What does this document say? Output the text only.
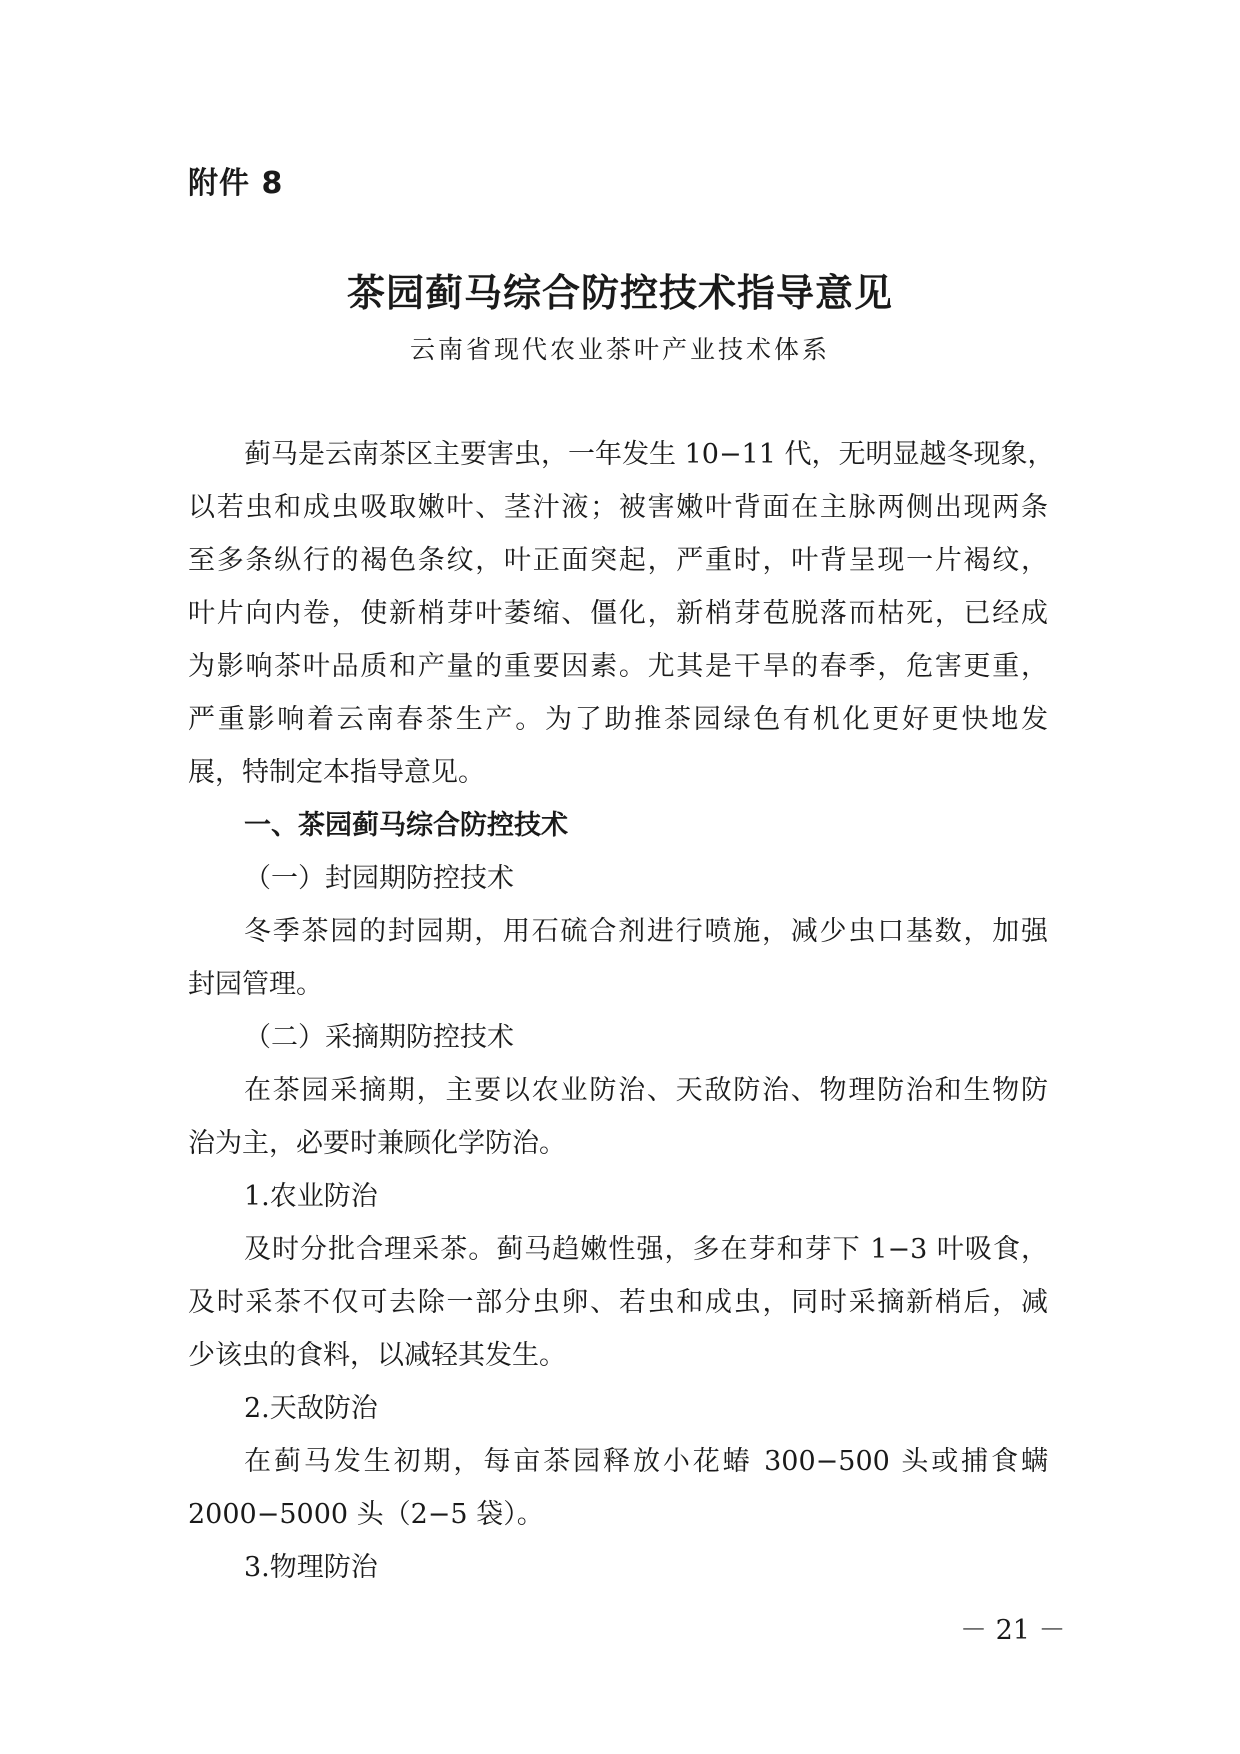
附件 8
茶园蓟马综合防控技术指导意见
云南省现代农业茶叶产业技术体系
蓟马是云南茶区主要害虫，一年发生 10−11 代，无明显越冬现象，
以若虫和成虫吸取嫩叶、茎汁液；被害嫩叶背面在主脉两侧出现两条
至多条纵行的褐色条纹，叶正面突起，严重时，叶背呈现一片褐纹，
叶片向内卷，使新梢芽叶萎缩、僵化，新梢芽苞脱落而枯死，已经成
为影响茶叶品质和产量的重要因素。尤其是干旱的春季，危害更重，
严重影响着云南春茶生产。为了助推茶园绿色有机化更好更快地发
展，特制定本指导意见。
一、茶园蓟马综合防控技术
（一）封园期防控技术
冬季茶园的封园期，用石硫合剂进行喷施，减少虫口基数，加强
封园管理。
（二）采摘期防控技术
在茶园采摘期，主要以农业防治、天敌防治、物理防治和生物防
治为主，必要时兼顾化学防治。
1.农业防治
及时分批合理采茶。蓟马趋嫩性强，多在芽和芽下 1−3 叶吸食，
及时采茶不仅可去除一部分虫卵、若虫和成虫，同时采摘新梢后，减
少该虫的食料，以减轻其发生。
2.天敌防治
在蓟马发生初期，每亩茶园释放小花蝽 300−500 头或捕食螨
2000−5000 头（2−5 袋）。
3.物理防治
－ 21 －
